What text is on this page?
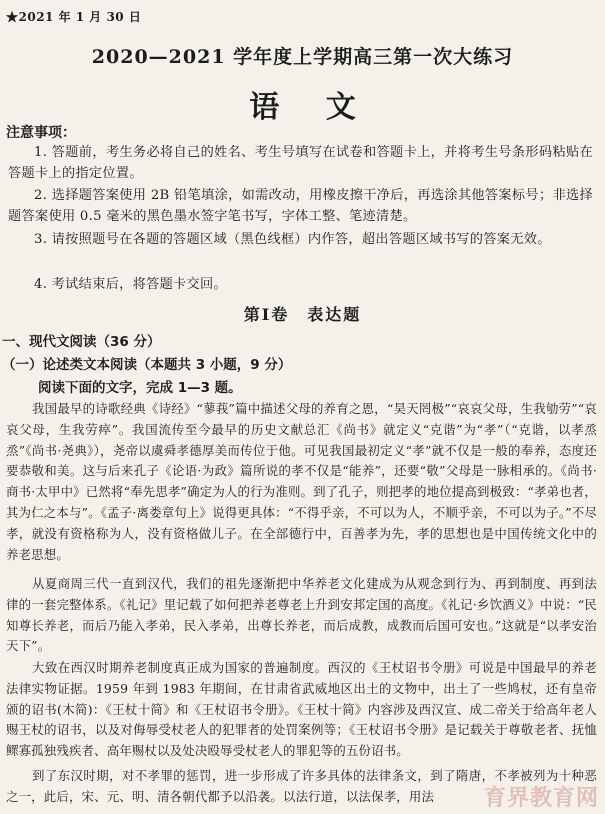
★2021 年 1 月 30 日
2020—2021 学年度上学期高三第一次大练习
语 文
注意事项：
1. 答题前，考生务必将自己的姓名、考生号填写在试卷和答题卡上，并将考生号条形码粘贴在答题卡上的指定位置。
2. 选择题答案使用 2B 铅笔填涂，如需改动，用橡皮擦干净后，再选涂其他答案标号；非选择题答案使用 0.5 毫米的黑色墨水签字笔书写，字体工整、笔迹清楚。
3. 请按照题号在各题的答题区域（黑色线框）内作答，超出答题区域书写的答案无效。
4. 考试结束后，将答题卡交回。
第Ⅰ卷　表达题
一、现代文阅读（36 分）
（一）论述类文本阅读（本题共 3 小题，9 分）
阅读下面的文字，完成 1—3 题。
我国最早的诗歌经典《诗经》“蓼莪”篇中描述父母的养育之恩，“昊天罔极”“哀哀父母，生我劬劳”“哀哀父母，生我劳瘁”。我国流传至今最早的历史文献总汇《尚书》就定义“克谐”为“孝”（“克谐，以孝烝烝”《尚书·尧典》），尧帝以虞舜孝德厚美而传位于他。可见我国最初定义“孝”就不仅是一般的奉养，态度还要恭敬和美。这与后来孔子《论语·为政》篇所说的孝不仅是“能养”，还要“敬”父母是一脉相承的。《尚书·商书·太甲中》已然将“奉先思孝”确定为人的行为准则。到了孔子，则把孝的地位提高到极致：“孝弟也者，其为仁之本与”。《孟子·离娄章句上》说得更具体：“不得乎亲，不可以为人，不顺乎亲，不可以为子。”不尽孝，就没有资格称为人，没有资格做儿子。在全部德行中，百善孝为先，孝的思想也是中国传统文化中的养老思想。
从夏商周三代一直到汉代，我们的祖先逐渐把中华养老文化建成为从观念到行为、再到制度、再到法律的一套完整体系。《礼记》里记载了如何把养老尊老上升到安邦定国的高度。《礼记·乡饮酒义》中说：“民知尊长养老，而后乃能入孝弟，民入孝弟，出尊长养老，而后成教，成教而后国可安也。”这就是“以孝安治天下”。
大致在西汉时期养老制度真正成为国家的普遍制度。西汉的《王杖诏书令册》可说是中国最早的养老法律实物证据。1959 年到 1983 年期间，在甘肃省武威地区出土的文物中，出土了一些鸠杖，还有皇帝颁的诏书(木简)：《王杖十简》和《王杖诏书令册》。《王杖十简》内容涉及西汉宣、成二帝关于给高年老人赐王杖的诏书，以及对侮辱受杖老人的犯罪者的处罚案例等；《王杖诏书令册》是记载关于尊敬老者、抚恤鳏寡孤独残疾者、高年赐杖以及处决殴辱受杖老人的罪犯等的五份诏书。
到了东汉时期，对不孝罪的惩罚，进一步形成了许多具体的法律条文，到了隋唐，不孝被列为十种恶之一，此后，宋、元、明、清各朝代都予以沿袭。以法行道，以法保孝，用法	育界教育网
